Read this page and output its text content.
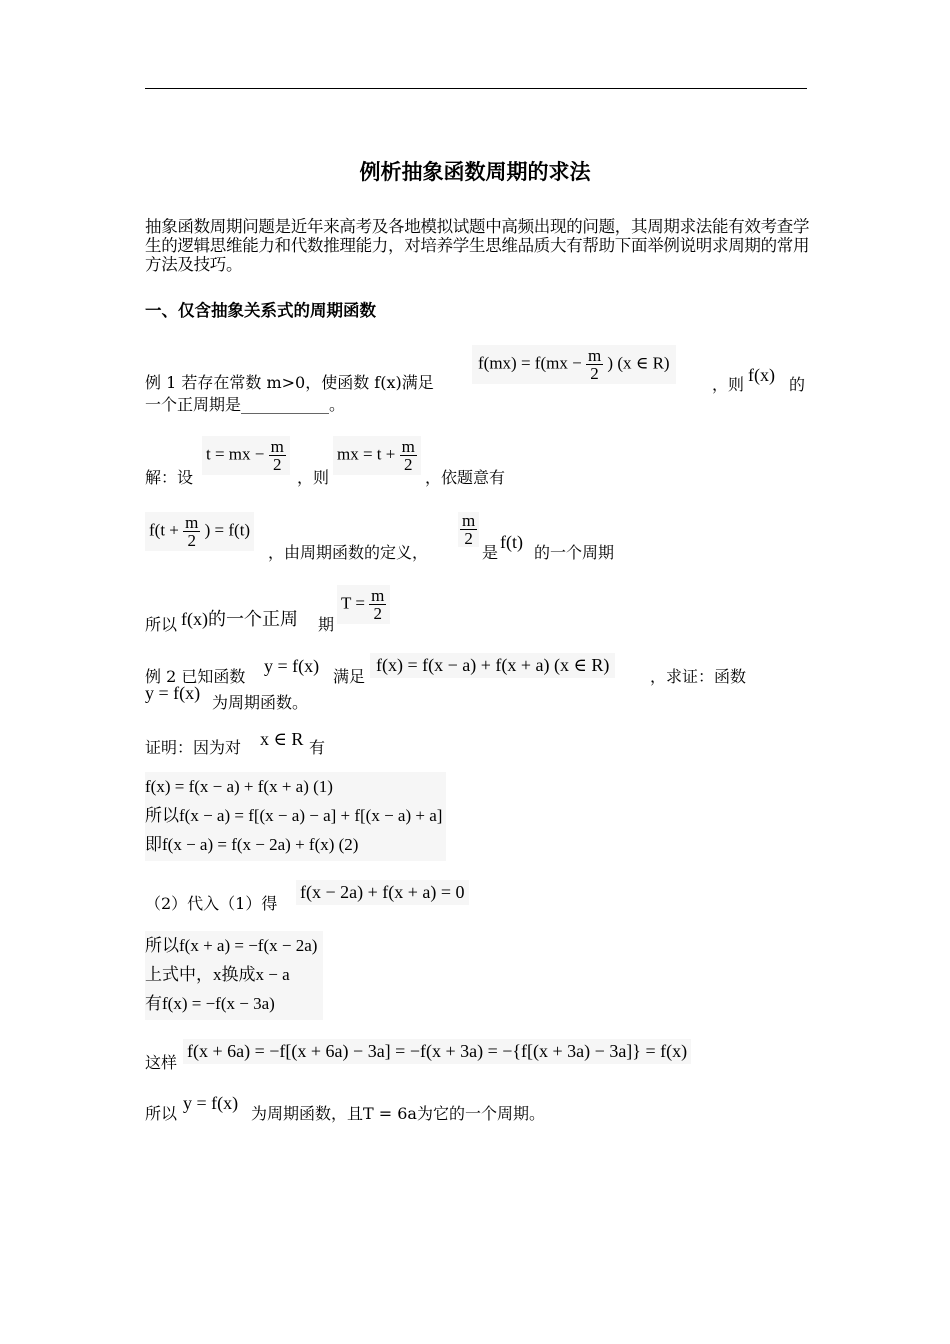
例析抽象函数周期的求法
抽象函数周期问题是近年来高考及各地模拟试题中高频出现的问题，其周期求法能有效考查学生的逻辑思维能力和代数推理能力，对培养学生思维品质大有帮助下面举例说明求周期的常用方法及技巧。
一、仅含抽象关系式的周期函数
例 1 若存在常数 m>0，使函数 f(x)满足
$f(mx) = f(mx - \frac{m}{2}$ ) (x ∈ R)
，则 f(x) 的
一个正周期是___________。
解：设
t = mx − $\frac{m}{2}$
，则
mx = $t + \frac{m}{2}$
，依题意有
$f(t + \frac{m}{2}$ ) = f(t)
，由周期函数的定义，
$\frac{m}{2}$
是
f(t)
的一个周期
所以 f(x)的一个正周 期
$T = \frac{m}{2}$
例 2 已知函数
y = f(x)
满足
f(x) = f(x − a) + f(x + a) (x ∈ R)
，求证：函数
y = f(x) 为周期函数。
证明：因为对 x ∈ R 有
f(x) = f(x − a) + f(x + a) (1)
所以f(x − a) = f[(x − a) − a] + f[(x − a) + a]
即f(x − a) = f(x − 2a) + f(x) (2)
（2）代入（1）得
f(x − 2a) + f(x + a) = 0
所以f(x + a) = −f(x − 2a)
上式中，x换成x − a
有f(x) = −f(x − 3a)
这样
f(x + 6a) = −f[(x + 6a) − 3a] = −f(x + 3a) = −{f[(x + 3a) − 3a]} = f(x)
所以
y = f(x)
为周期函数，且T = 6a为它的一个周期。
